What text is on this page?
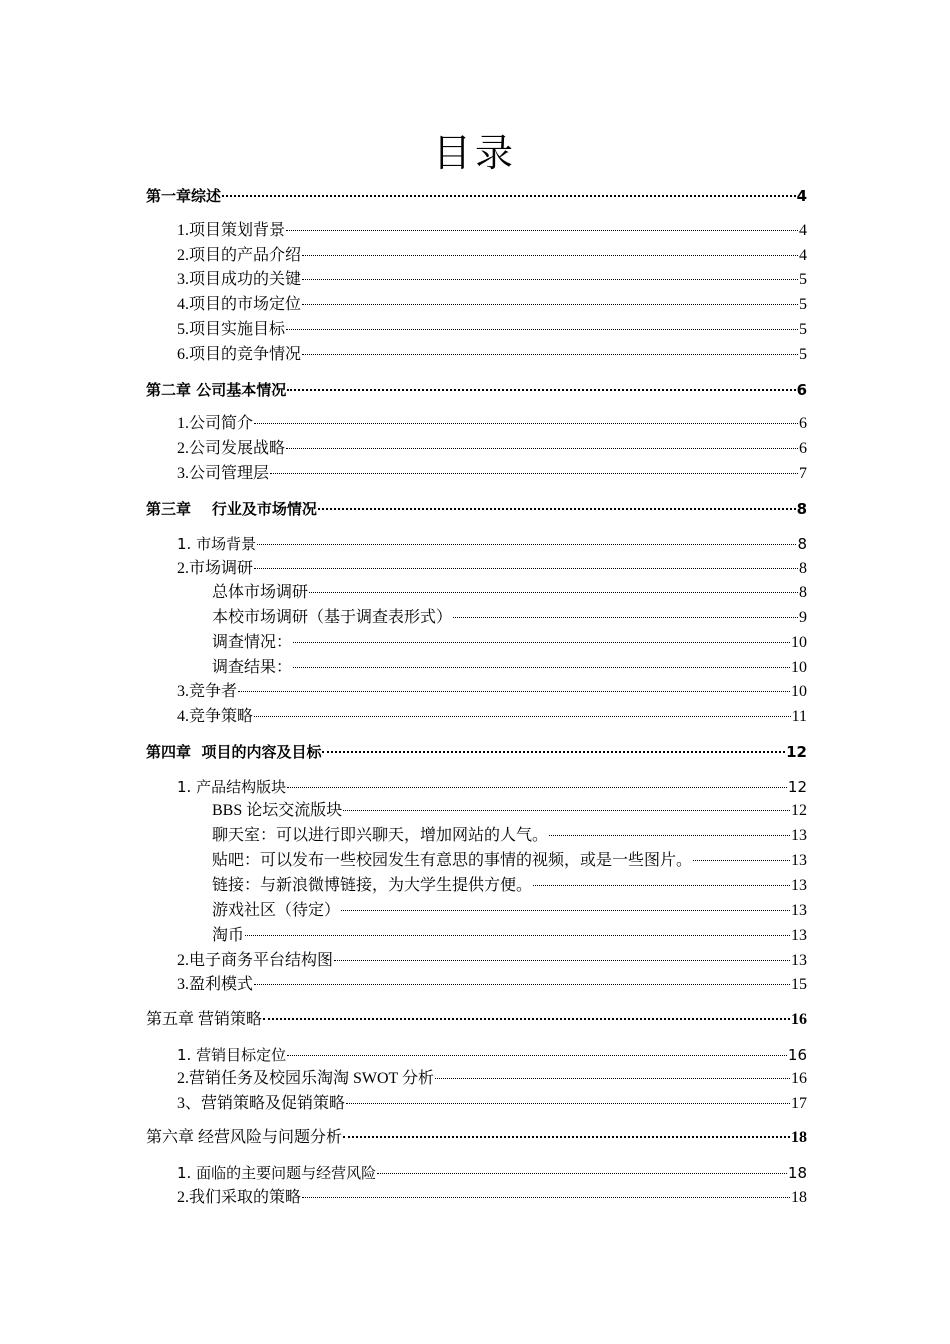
目录
第一章综述	4
1.项目策划背景	4
2.项目的产品介绍	4
3.项目成功的关键	5
4.项目的市场定位	5
5.项目实施目标	5
6.项目的竞争情况	5
第二章 公司基本情况	6
1.公司简介	6
2.公司发展战略	6
3.公司管理层	7
第三章    行业及市场情况	8
1. 市场背景	8
2.市场调研	8
总体市场调研	8
本校市场调研（基于调查表形式）	9
调查情况：	10
调查结果：	10
3.竞争者	10
4.竞争策略	11
第四章  项目的内容及目标	12
1. 产品结构版块	12
BBS 论坛交流版块	12
聊天室：可以进行即兴聊天，增加网站的人气。	13
贴吧：可以发布一些校园发生有意思的事情的视频，或是一些图片。	13
链接：与新浪微博链接，为大学生提供方便。	13
游戏社区（待定）	13
淘币	13
2.电子商务平台结构图	13
3.盈利模式	15
第五章 营销策略	16
1. 营销目标定位	16
2.营销任务及校园乐淘淘 SWOT 分析	16
3、营销策略及促销策略	17
第六章 经营风险与问题分析	18
1. 面临的主要问题与经营风险	18
2.我们采取的策略	18
